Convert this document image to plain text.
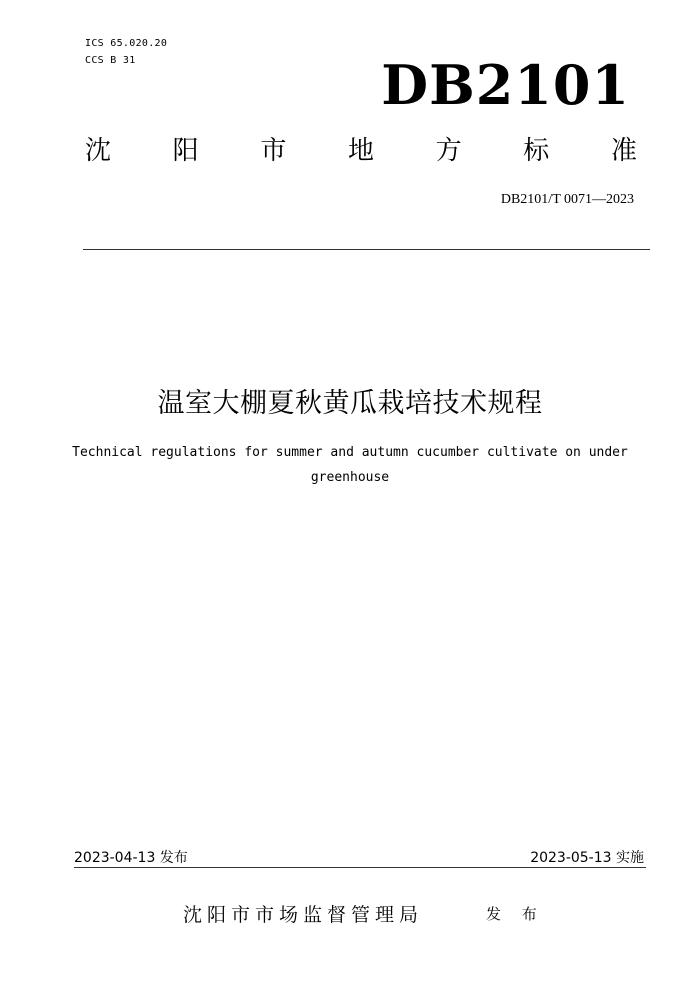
ICS 65.020.20
CCS B 31	DB2101
沈 阳 市 地 方 标 准
DB2101/T 0071—2023
温室大棚夏秋黄瓜栽培技术规程
Technical regulations for summer and autumn cucumber cultivate on under
greenhouse
2023-04-13 发布	2023-05-13 实施
沈阳市市场监督管理局	发 布
